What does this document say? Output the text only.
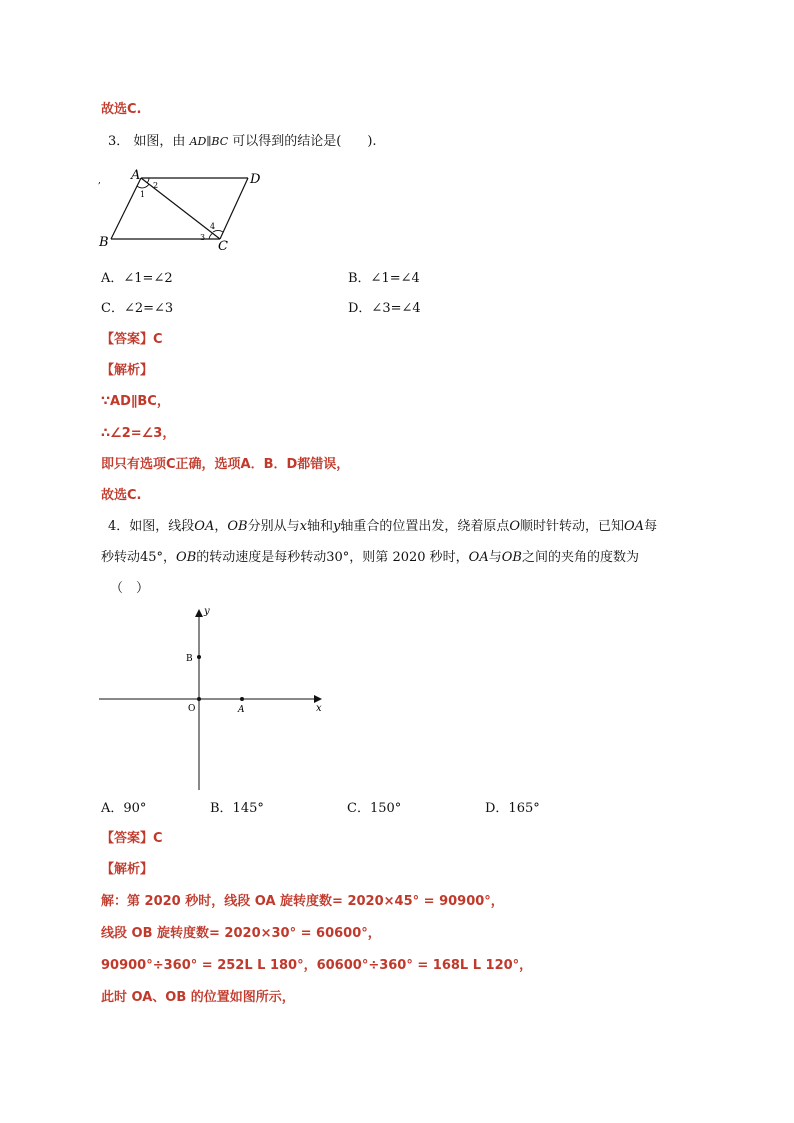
故选C.
3． 如图，由 AD∥BC 可以得到的结论是(　　).
, A	D
B	C
1
2
3
4
A．∠1=∠2	B．∠1=∠4
C．∠2=∠3	D．∠3=∠4
【答案】C
【解析】
∵AD∥BC，
∴∠2=∠3，
即只有选项C正确，选项A．B．D都错误，
故选C.
4．如图，线段OA，OB分别从与x轴和y轴重合的位置出发，绕着原点O顺时针转动，已知OA每
秒转动45°，OB的转动速度是每秒转动30°，则第 2020 秒时，OA与OB之间的夹角的度数为
（　）
y
x
O	A
B
A．90°	B．145°	C．150°	D．165°
【答案】C
【解析】
解：第 2020 秒时，线段 OA 旋转度数= 2020×45° = 90900°，
线段 OB 旋转度数= 2020×30° = 60600°，
90900°÷360° = 252L L 180°，60600°÷360° = 168L L 120°，
此时 OA、OB 的位置如图所示，
